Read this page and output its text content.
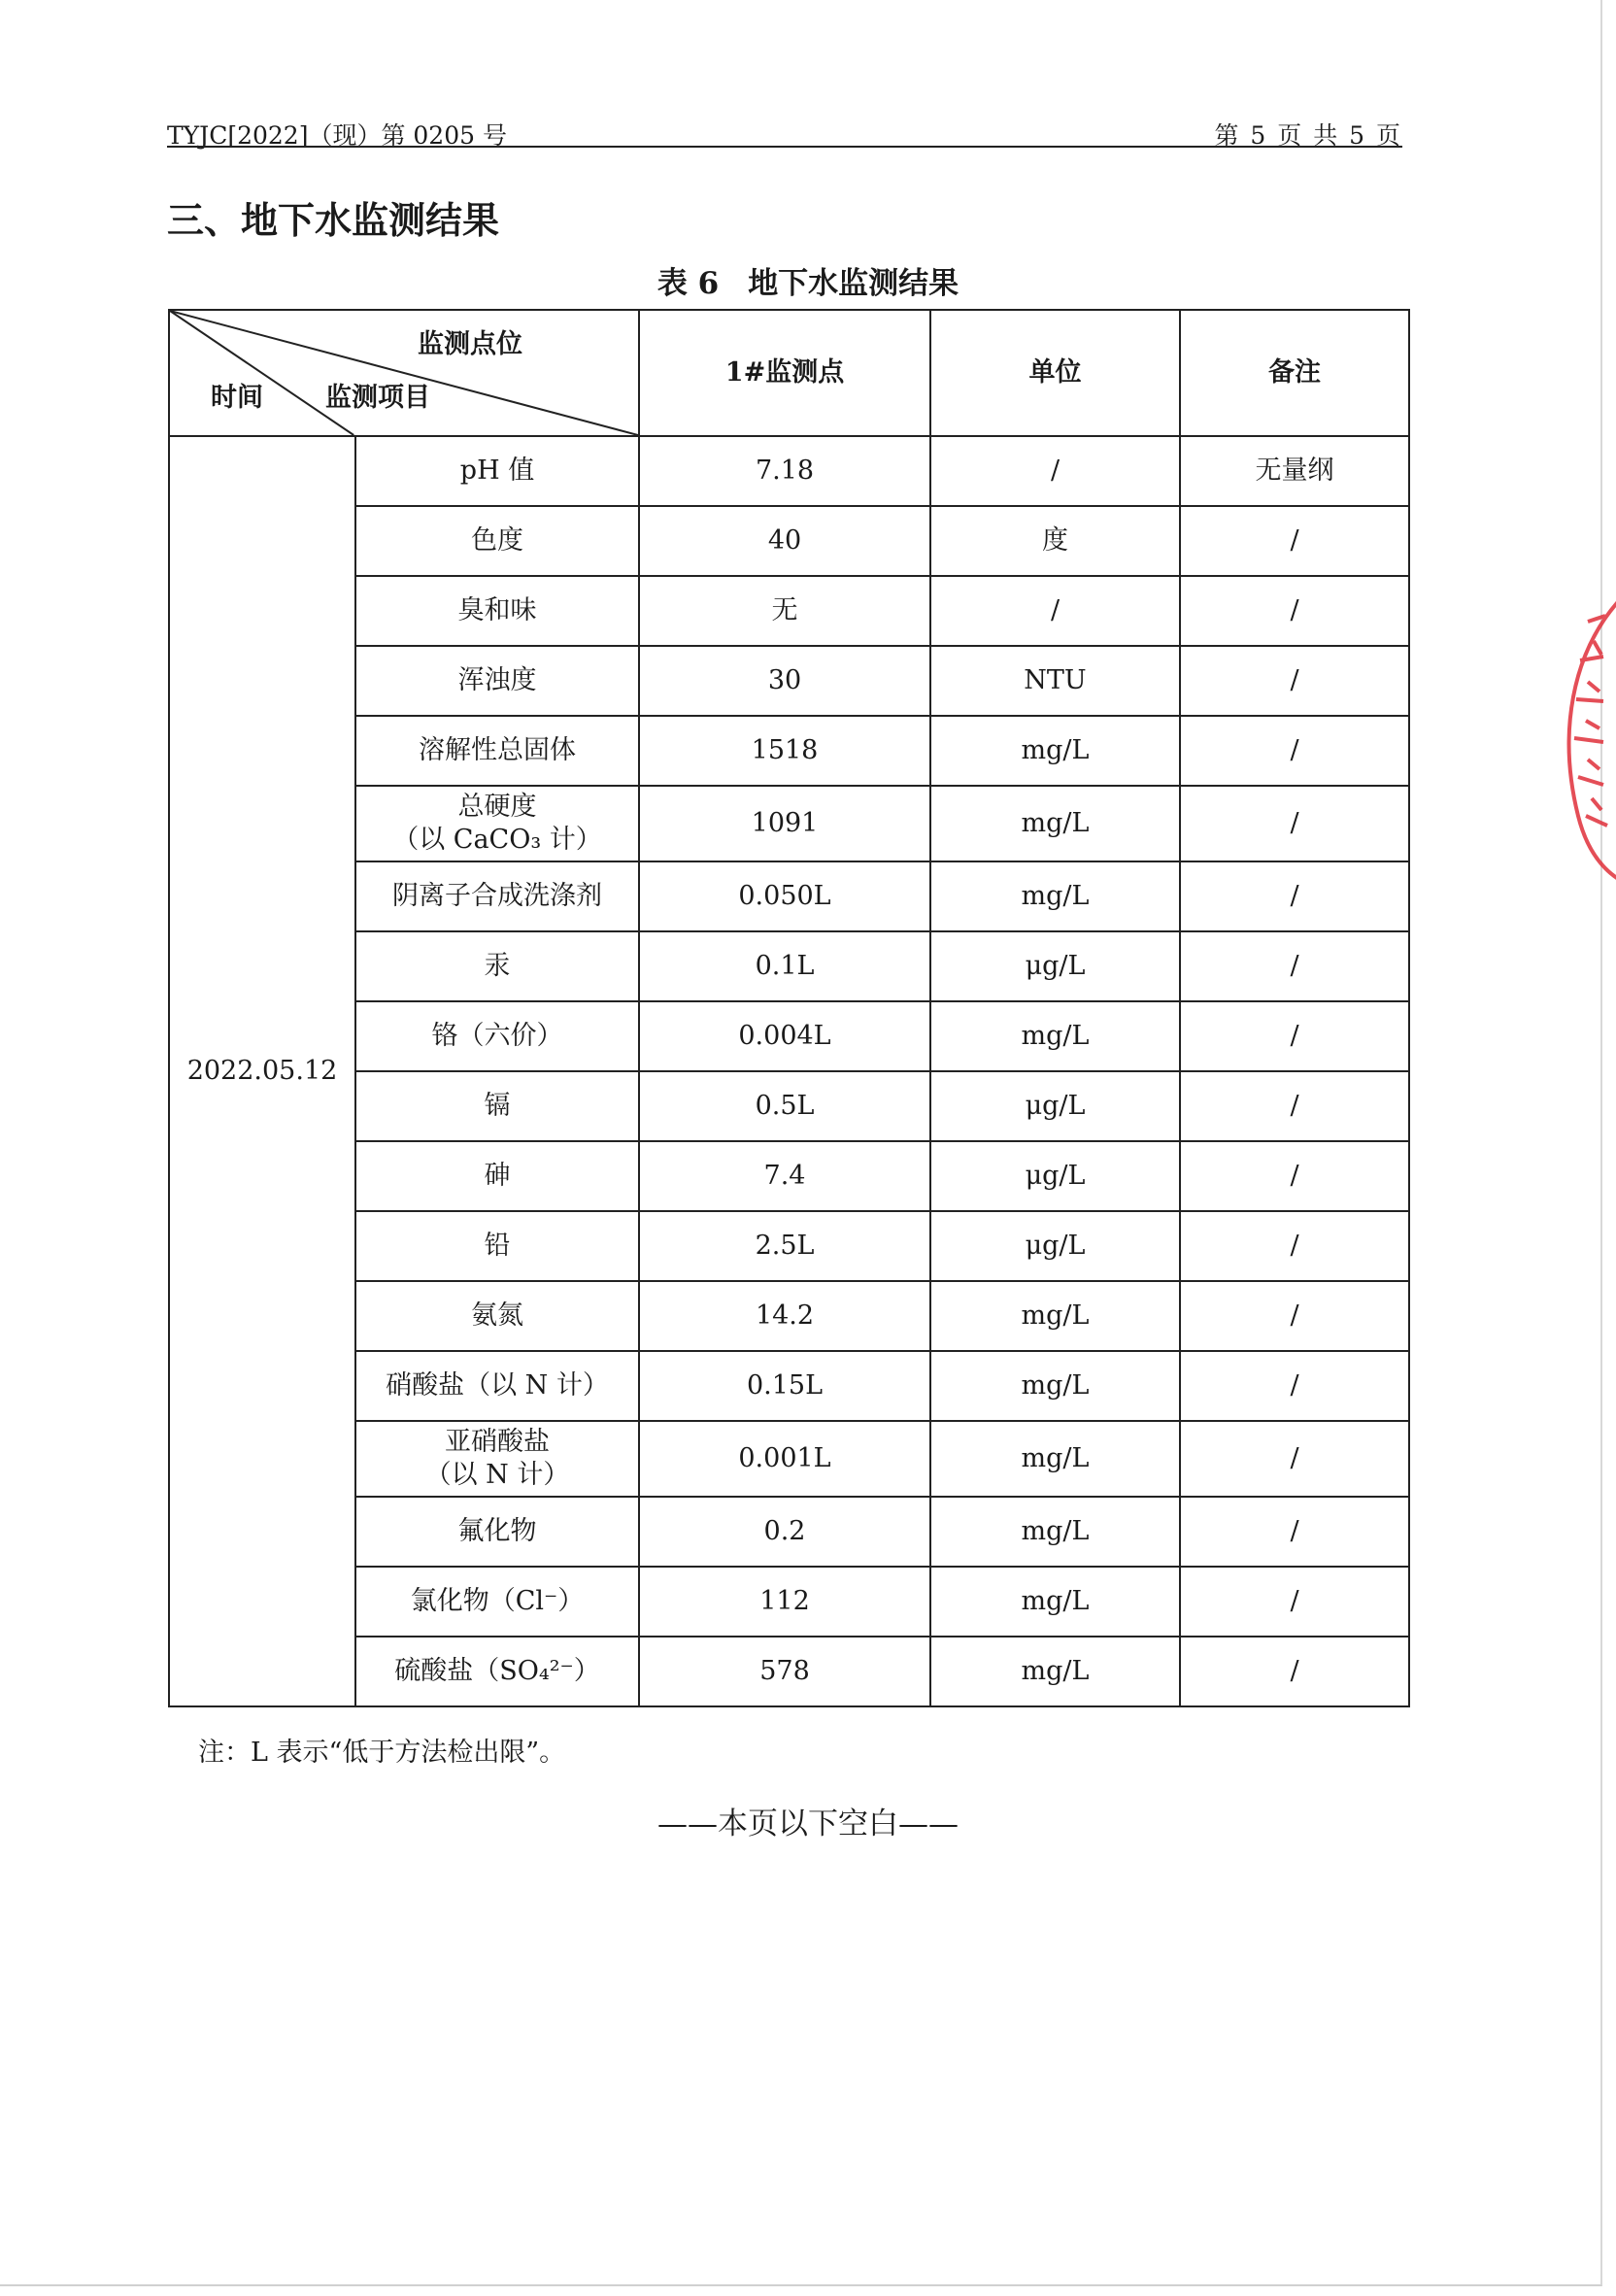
TYJC[2022]（现）第 0205 号	第 5 页 共 5 页
三、地下水监测结果
表 6 地下水监测结果
监测点位
时间 监测项目		1#监测点	单位	备注
2022.05.12	pH 值	7.18	/	无量纲
	色度	40	度	/
	臭和味	无	/	/
	浑浊度	30	NTU	/
	溶解性总固体	1518	mg/L	/

	总硬度
（以 CaCO₃ 计）	1091	mg/L	/
	阴离子合成洗涤剂	0.050L	mg/L	/
	汞	0.1L	μg/L	/
	铬（六价）	0.004L	mg/L	/
	镉	0.5L	μg/L	/
	砷	7.4	μg/L	/
	铅	2.5L	μg/L	/
	氨氮	14.2	mg/L	/
	硝酸盐（以 N 计）	0.15L	mg/L	/

	亚硝酸盐
（以 N 计）	0.001L	mg/L	/
	氟化物	0.2	mg/L	/
	氯化物（Cl⁻）	112	mg/L	/
	硫酸盐（SO₄²⁻）	578	mg/L	/
注：L 表示“低于方法检出限”。
——本页以下空白——
